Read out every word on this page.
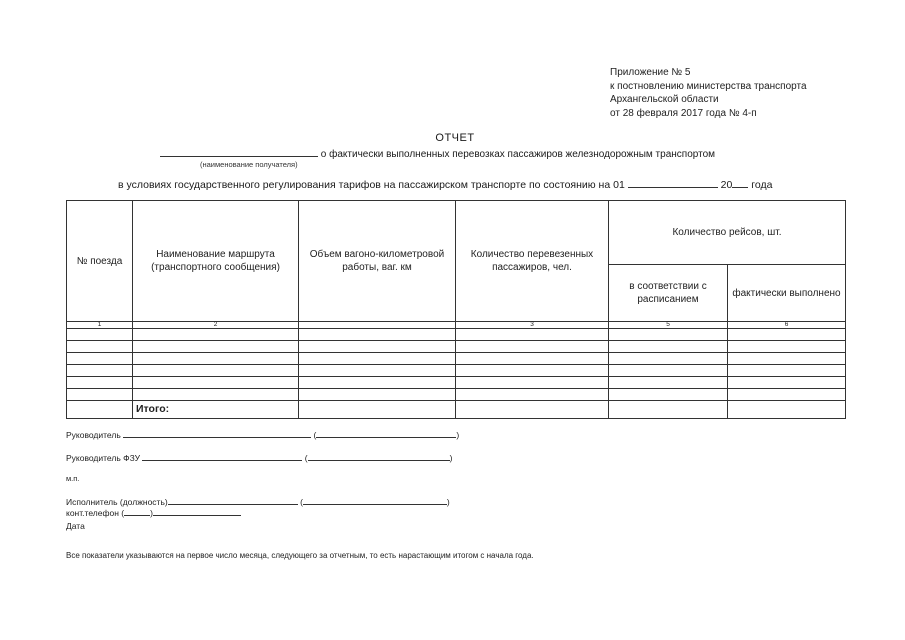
Приложение № 5
к постновлению министерства транспорта
Архангельской области
от 28 февраля 2017 года № 4-п
ОТЧЕТ
о фактически выполненных перевозках пассажиров железнодорожным транспортом
(наименование получателя)
в условиях государственного регулирования тарифов на пассажирском транспорте по состоянию на 01	20 года
№ поезда	Наименование маршрута (транспортного сообщения)	Объем вагоно-километровой работы, ваг. км	Количество перевезенных пассажиров, чел.	Количество рейсов, шт.	
				в соответствии с расписанием	фактически выполнено
1	2		3	5	6

	Итого:				
Руководитель	(	)
Руководитель ФЗУ	(	)
м.п.
Исполнитель (должность)	(	)
конт.телефон (	)
Дата
Все показатели указываются на первое число месяца, следующего за отчетным, то есть нарастающим итогом с начала года.
